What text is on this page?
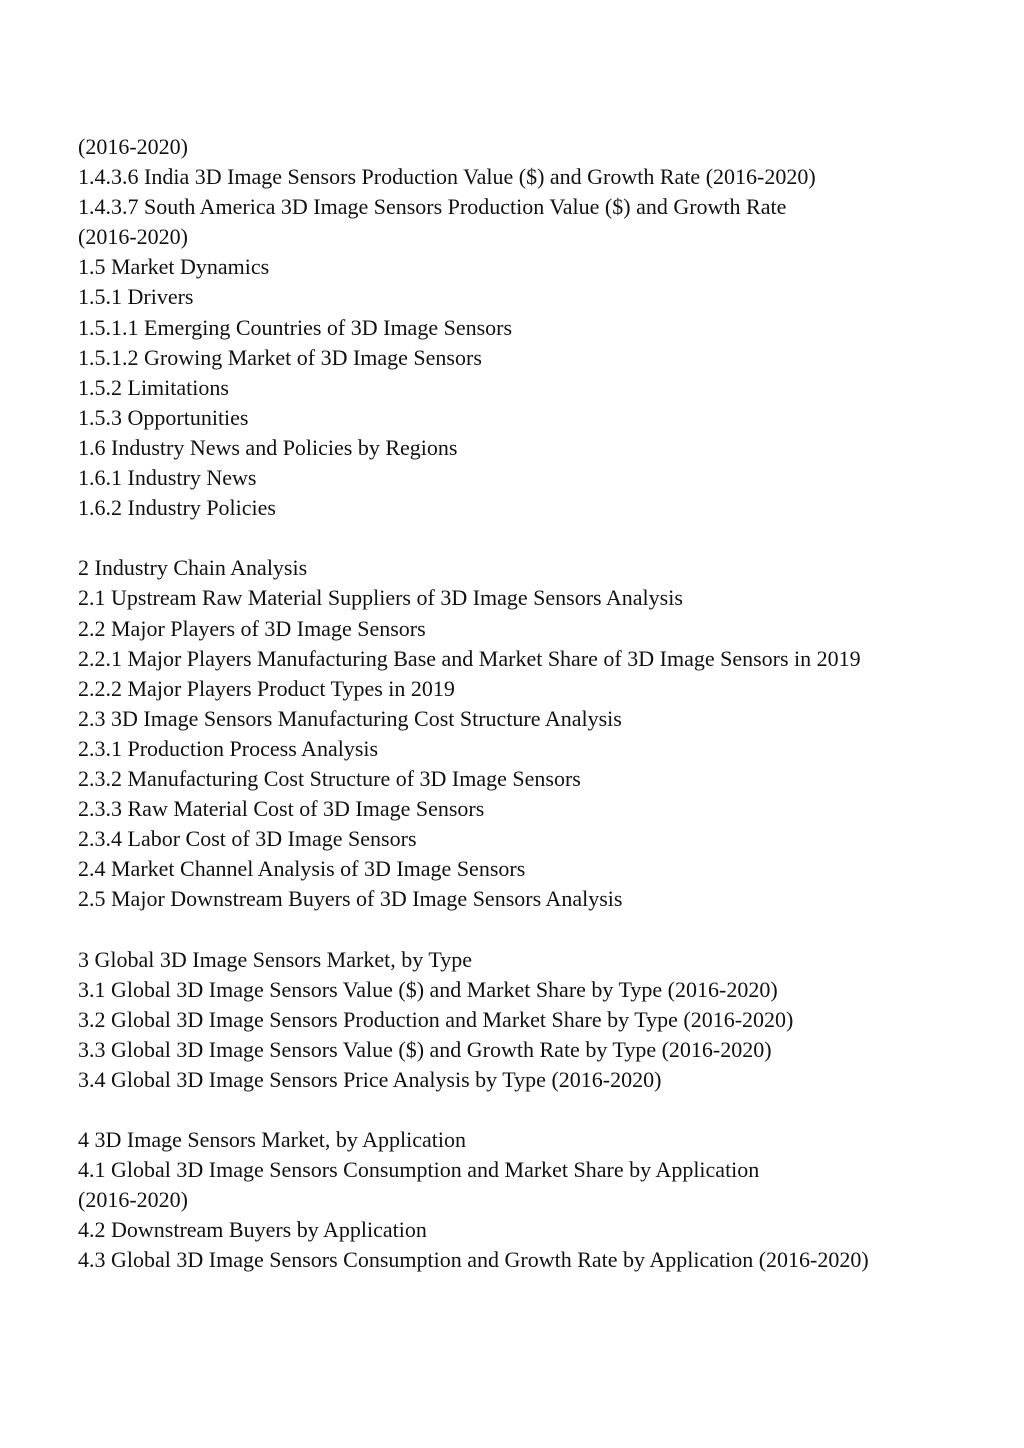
(2016-2020)
1.4.3.6 India 3D Image Sensors Production Value ($) and Growth Rate (2016-2020)
1.4.3.7 South America 3D Image Sensors Production Value ($) and Growth Rate
(2016-2020)
1.5 Market Dynamics
1.5.1 Drivers
1.5.1.1 Emerging Countries of 3D Image Sensors
1.5.1.2 Growing Market of 3D Image Sensors
1.5.2 Limitations
1.5.3 Opportunities
1.6 Industry News and Policies by Regions
1.6.1 Industry News
1.6.2 Industry Policies
2 Industry Chain Analysis
2.1 Upstream Raw Material Suppliers of 3D Image Sensors Analysis
2.2 Major Players of 3D Image Sensors
2.2.1 Major Players Manufacturing Base and Market Share of 3D Image Sensors in 2019
2.2.2 Major Players Product Types in 2019
2.3 3D Image Sensors Manufacturing Cost Structure Analysis
2.3.1 Production Process Analysis
2.3.2 Manufacturing Cost Structure of 3D Image Sensors
2.3.3 Raw Material Cost of 3D Image Sensors
2.3.4 Labor Cost of 3D Image Sensors
2.4 Market Channel Analysis of 3D Image Sensors
2.5 Major Downstream Buyers of 3D Image Sensors Analysis
3 Global 3D Image Sensors Market, by Type
3.1 Global 3D Image Sensors Value ($) and Market Share by Type (2016-2020)
3.2 Global 3D Image Sensors Production and Market Share by Type (2016-2020)
3.3 Global 3D Image Sensors Value ($) and Growth Rate by Type (2016-2020)
3.4 Global 3D Image Sensors Price Analysis by Type (2016-2020)
4 3D Image Sensors Market, by Application
4.1 Global 3D Image Sensors Consumption and Market Share by Application
(2016-2020)
4.2 Downstream Buyers by Application
4.3 Global 3D Image Sensors Consumption and Growth Rate by Application (2016-2020)
